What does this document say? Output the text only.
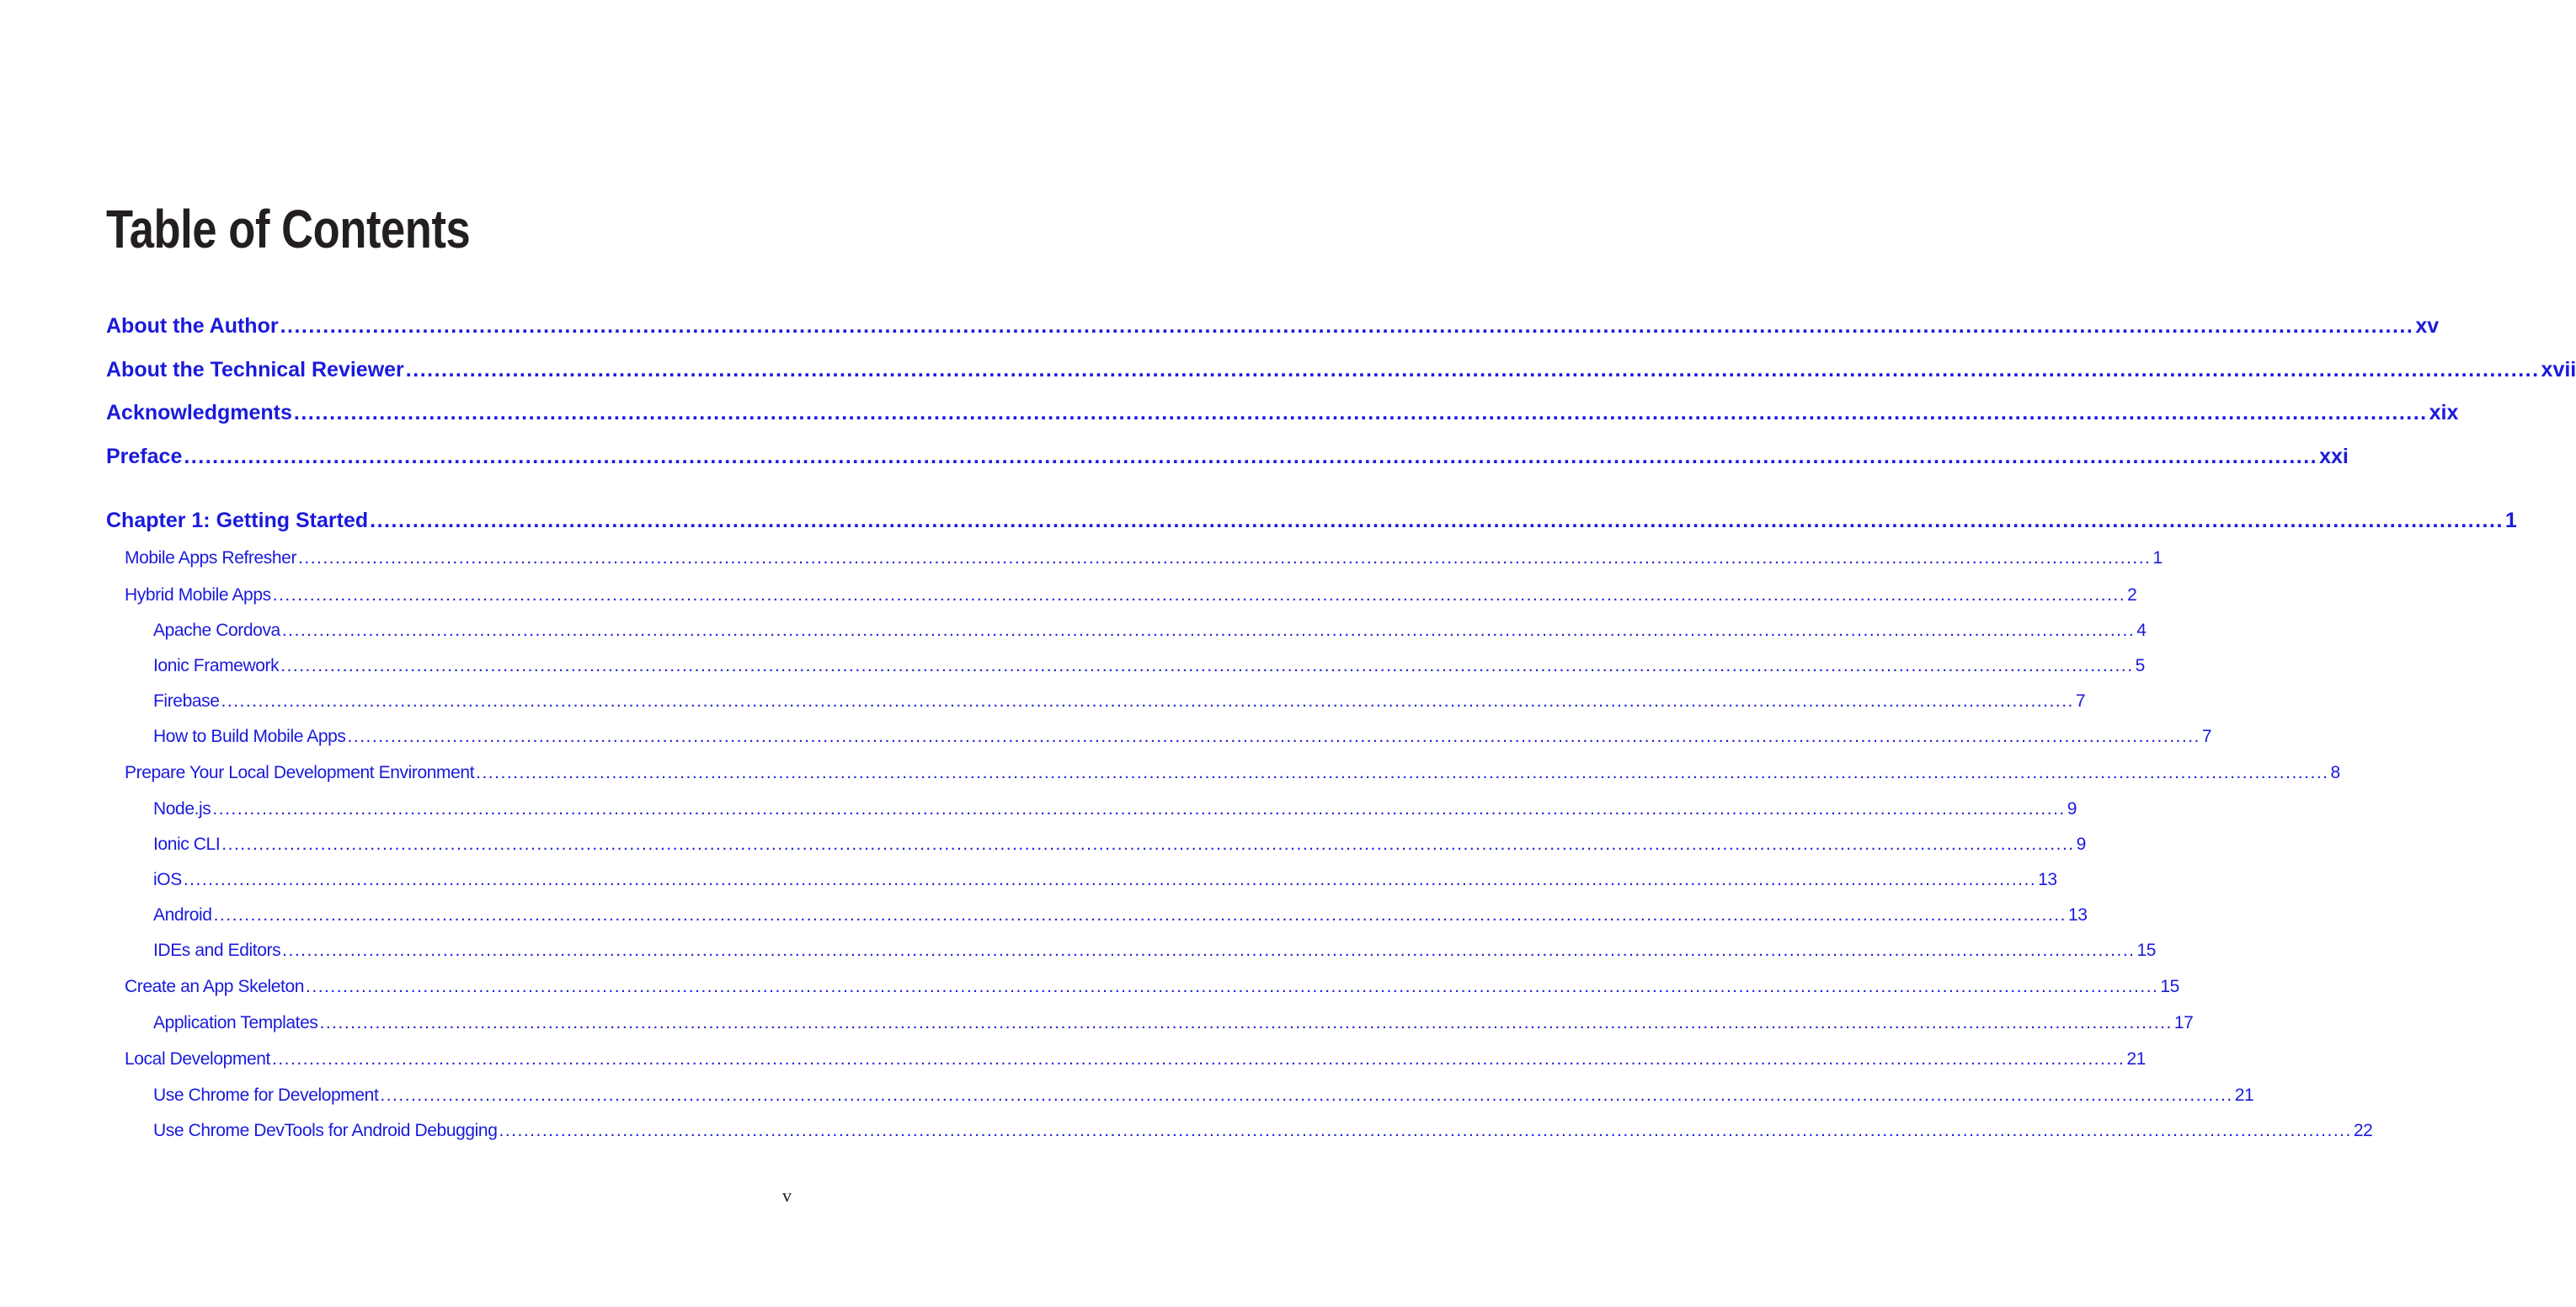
Table of Contents
About the Author ............................................................................................................................................................................................................................................................................................................ xv
About the Technical Reviewer ............................................................................................................................................................................................................................................................................................................ xvii
Acknowledgments ............................................................................................................................................................................................................................................................................................................ xix
Preface ............................................................................................................................................................................................................................................................................................................ xxi
Chapter 1: Getting Started ............................................................................................................................................................................................................................................................................................................ 1
Mobile Apps Refresher ............................................................................................................................................................................................................................................................................................................ 1
Hybrid Mobile Apps ............................................................................................................................................................................................................................................................................................................ 2
Apache Cordova ............................................................................................................................................................................................................................................................................................................ 4
Ionic Framework ............................................................................................................................................................................................................................................................................................................ 5
Firebase ............................................................................................................................................................................................................................................................................................................ 7
How to Build Mobile Apps ............................................................................................................................................................................................................................................................................................................ 7
Prepare Your Local Development Environment ............................................................................................................................................................................................................................................................................................................ 8
Node.js ............................................................................................................................................................................................................................................................................................................ 9
Ionic CLI ............................................................................................................................................................................................................................................................................................................ 9
iOS ............................................................................................................................................................................................................................................................................................................ 13
Android ............................................................................................................................................................................................................................................................................................................ 13
IDEs and Editors ............................................................................................................................................................................................................................................................................................................ 15
Create an App Skeleton ............................................................................................................................................................................................................................................................................................................ 15
Application Templates ............................................................................................................................................................................................................................................................................................................ 17
Local Development ............................................................................................................................................................................................................................................................................................................ 21
Use Chrome for Development ............................................................................................................................................................................................................................................................................................................ 21
Use Chrome DevTools for Android Debugging ............................................................................................................................................................................................................................................................................................................ 22
v
